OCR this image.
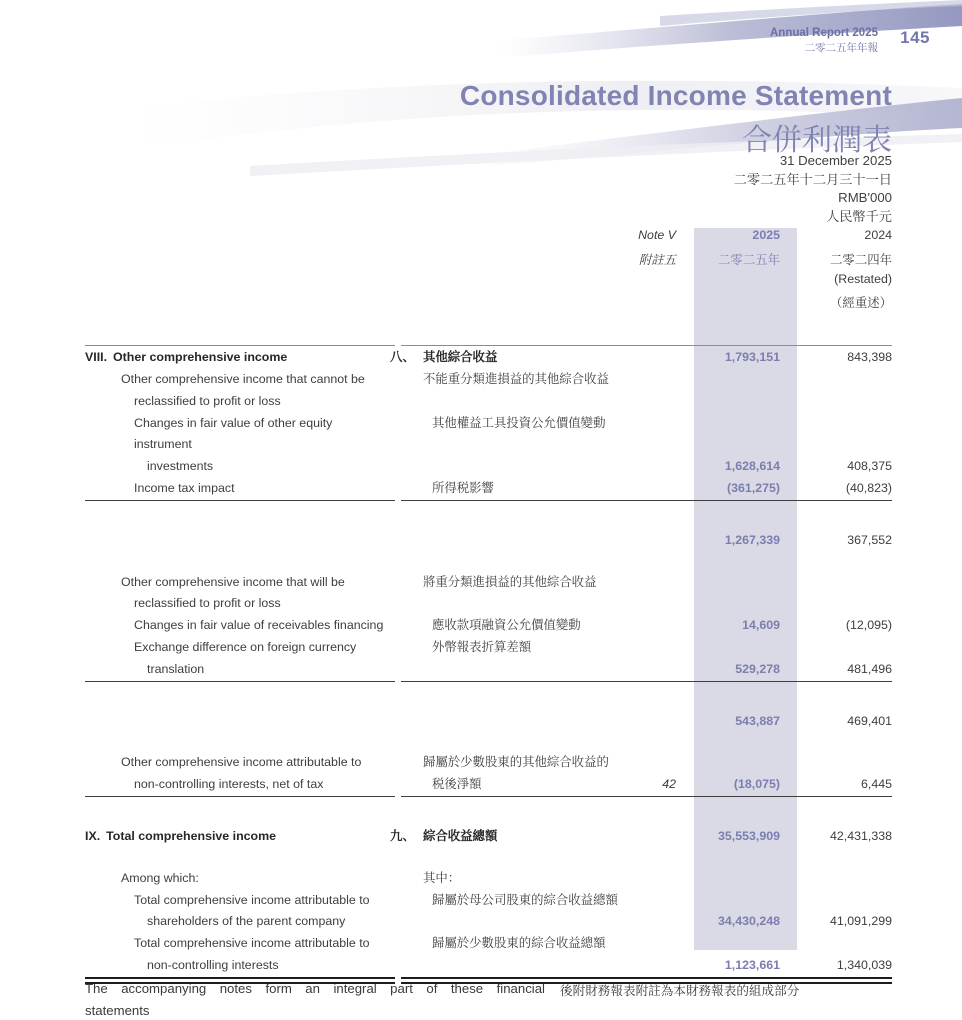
Annual Report 2025
二零二五年年報
145
Consolidated Income Statement
合併利潤表
31 December 2025
二零二五年十二月三十一日
RMB'000
人民幣千元
Note V	2025	2024
附註五	二零二五年	二零二四年
(Restated)
（經重述）
VIII. Other comprehensive income	八、 其他綜合收益	1,793,151	843,398
Other comprehensive income that cannot be
reclassified to profit or loss
不能重分類進損益的其他綜合收益
Changes in fair value of other equity instrument
investments
其他權益工具投資公允價值變動
1,628,614	408,375
Income tax impact	所得税影響	(361,275)	(40,823)
1,267,339	367,552
Other comprehensive income that will be
reclassified to profit or loss
將重分類進損益的其他綜合收益
Changes in fair value of receivables financing	應收款項融資公允價值變動	14,609	(12,095)
Exchange difference on foreign currency
translation
外幣報表折算差額
529,278	481,496
543,887	469,401
Other comprehensive income attributable to
non-controlling interests, net of tax
歸屬於少數股東的其他綜合收益的
税後淨額	42	(18,075)	6,445
IX. Total comprehensive income	九、 綜合收益總額	35,553,909	42,431,338
Among which:	其中：
Total comprehensive income attributable to
shareholders of the parent company
歸屬於母公司股東的綜合收益總額
34,430,248	41,091,299
Total comprehensive income attributable to
non-controlling interests
歸屬於少數股東的綜合收益總額
1,123,661	1,340,039
The accompanying notes form an integral part of these financial
statements
後附財務報表附註為本財務報表的組成部分
